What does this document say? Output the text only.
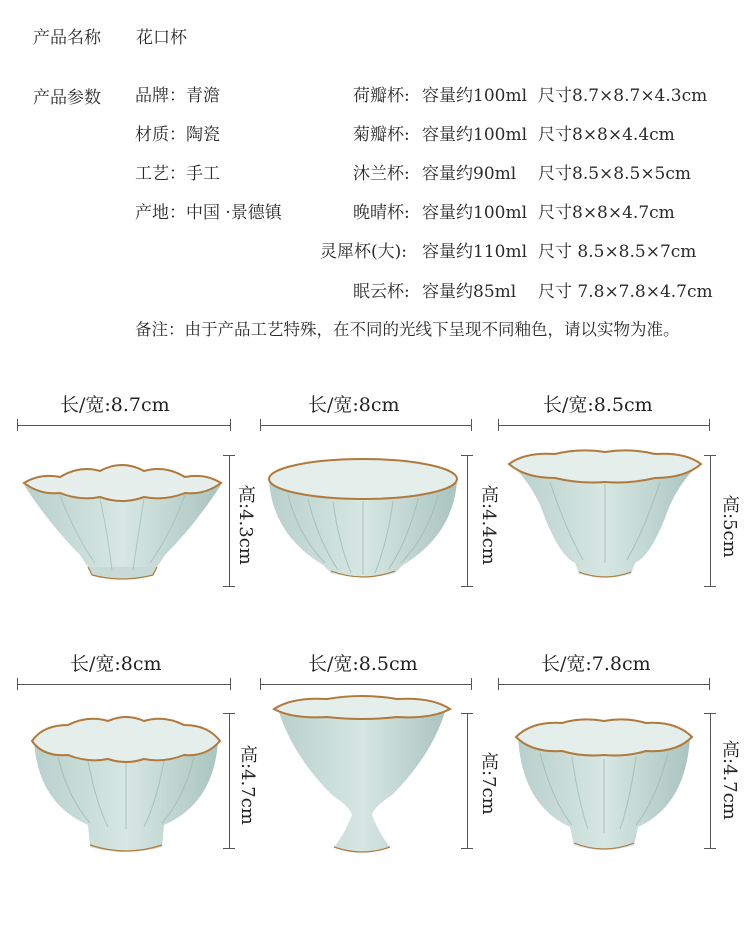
产品名称 花口杯
产品参数 品牌：青澹
材质：陶瓷
工艺：手工
产地：中国 ·景德镇
荷瓣杯: 容量约100ml 尺寸8.7×8.7×4.3cm
菊瓣杯: 容量约100ml 尺寸8×8×4.4cm
沐兰杯: 容量约90ml 尺寸8.5×8.5×5cm
晚晴杯: 容量约100ml 尺寸8×8×4.7cm
灵犀杯(大): 容量约110ml 尺寸 8.5×8.5×7cm
眠云杯: 容量约85ml 尺寸 7.8×7.8×4.7cm
备注：由于产品工艺特殊，在不同的光线下呈现不同釉色，请以实物为准。
长/宽:8.7cm	长/宽:8cm	长/宽:8.5cm
高:4.3cm	高:4.4cm	高:5cm
长/宽:8cm	长/宽:8.5cm	长/宽:7.8cm
高:4.7cm	高:7cm	高:4.7cm
